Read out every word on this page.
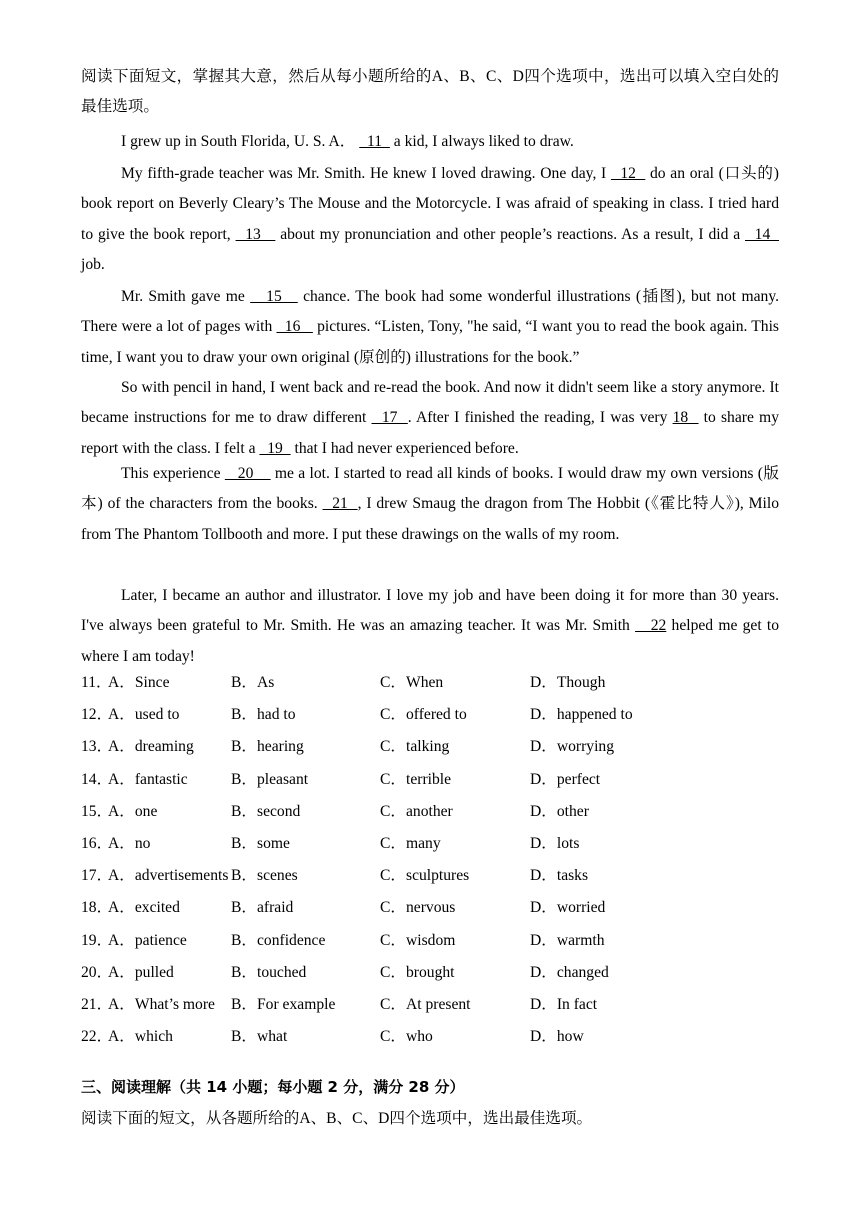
阅读下面短文，掌握其大意，然后从每小题所给的A、B、C、D四个选项中，选出可以填入空白处的最佳选项。

I grew up in South Florida, U. S. A．   11   a kid, I always liked to draw.

My fifth-grade teacher was Mr. Smith. He knew I loved drawing. One day, I   12   do an oral (口头的) book report on Beverly Cleary’s The Mouse and the Motorcycle. I was afraid of speaking in class. I tried hard to give the book report,   13    about my pronunciation and other people’s reactions. As a result, I did a   14   job.

Mr. Smith gave me    15    chance. The book had some wonderful illustrations (插图), but not many. There were a lot of pages with   16    pictures. “Listen, Tony, "he said, “I want you to read the book again. This time, I want you to draw your own original (原创的) illustrations for the book.”

So with pencil in hand, I went back and re-read the book. And now it didn't seem like a story anymore. It became instructions for me to draw different   17  . After I finished the reading, I was very 18   to share my report with the class. I felt a   19   that I had never experienced before.

This experience    20     me a lot. I started to read all kinds of books. I would draw my own versions (版本) of the characters from the books.   21  , I drew Smaug the dragon from The Hobbit (《霍比特人》), Milo from The Phantom Tollbooth and more. I put these drawings on the walls of my room.

Later, I became an author and illustrator. I love my job and have been doing it for more than 30 years. I've always been grateful to Mr. Smith. He was an amazing teacher. It was Mr. Smith    22 helped me get to where I am today!

11．
A．Since	B．As	C．When	D．Though
12．
A．used to	B．had to	C．offered to	D．happened to
13．
A．dreaming B．hearing	C．talking	D．worrying
14．
A．fantastic	B．pleasant	C．terrible	D．perfect
15．
A．one	B．second	C．another	D．other
16．
A．no	B．some	C．many	D．lots
17．
A．advertisements B．scenes	C．sculptures	D．tasks
18．
A．excited	B．afraid	C．nervous	D．worried
19．
A．patience	B．confidence	C．wisdom	D．warmth
20．
A．pulled	B．touched	C．brought	D．changed
21．
A．What’s more B．For example	C．At present	D．In fact
22．
A．which	B．what	C．who	D．how
三、阅读理解（共 14 小题；每小题 2 分，满分 28 分）
阅读下面的短文，从各题所给的A、B、C、D四个选项中，选出最佳选项。
